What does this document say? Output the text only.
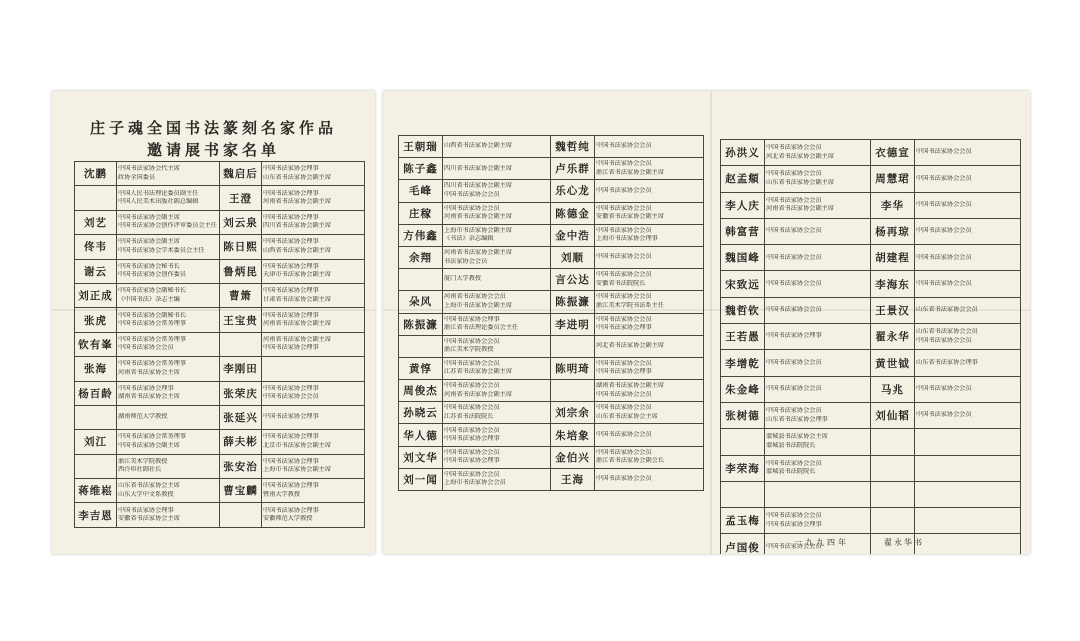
庄子魂全国书法篆刻名家作品
邀请展书家名单
沈鹏	中国书法家协会代主席
政协全国委员	魏启后	中国书法家协会理事
山东省书法家协会副主席

	中国人民书法理论委员副主任
中国人民美术出版社副总编辑	王澄	中国书法家协会理事
河南省书法家协会副主席

刘艺	中国书法家协会副主席
中国书法家协会创作评审委员会主任	刘云泉	中国书法家协会理事
四川省书法家协会副主席

佟韦	中国书法家协会副主席
中国书法家协会学术委员会主任	陈日熙	中国书法家协会理事
山西省书法家协会副主席

谢云	中国书法家协会秘书长
中国书法家协会创作委员	鲁炳昆	中国书法家协会理事
天津市书法家协会副主席

刘正成	中国书法家协会副秘书长
《中国书法》杂志主编	曹箫	中国书法家协会理事
甘肃省书法家协会副主席

张虎	中国书法家协会副秘书长
中国书法家协会常务理事	王宝贵	中国书法家协会理事
河南省书法家协会副主席

钦有峯	中国书法家协会常务理事
中国书法家协会会员		河南省书法家协会副主席
中国书法家协会理事

张海	中国书法家协会常务理事
河南省书法家协会主席	李刚田	

杨百龄	中国书法家协会理事
湖南省书法家协会主席	张荣庆	中国书法家协会理事
中国书法家协会会员

	湖南师范大学教授	张延兴	中国书法家协会理事

刘江	中国书法家协会常务理事
中国书法家协会副主席	薛夫彬	中国书法家协会理事
北京市书法家协会副主席

	浙江美术学院教授
西泠印社副社长	张安治	中国书法家协会理事
上海市书法家协会副主席

蒋维崧	山东省书法家协会主席
山东大学中文系教授	曹宝麟	中国书法家协会理事
暨南大学教授

李吉恩	中国书法家协会理事
安徽省书法家协会主席		中国书法家协会理事
安徽师范大学教授
王朝瑞	山西省书法家协会副主席	魏哲纯	中国书法家协会会员

陈子鑫	四川省书法家协会副主席	卢乐群	中国书法家协会会员
浙江省书法家协会副主席

毛峰	四川省书法家协会副主席
中国书法家协会会员	乐心龙	中国书法家协会会员

庄稼	中国书法家协会会员
河南省书法家协会副主席	陈德金	中国书法家协会会员
安徽省书法家协会副主席

方伟鑫	上海市书法家协会副主席
《书法》杂志编辑	金中浩	中国书法家协会会员
上海市书法家协会理事

余翔	河南省书法家协会副主席
书法家协会会员	刘顺	中国书法家协会会员

	厦门大学教授	言公达	中国书法家协会会员
安徽省书法院院长

朵风	河南省书法家协会会员
上海市书法家协会副主席	陈振濂	中国书法家协会会员
浙江美术学院书法系主任

陈振濂	中国书法家协会理事
浙江省书法理论委员会主任	李进明	中国书法家协会会员
中国书法家协会理事

	中国书法家协会会员
浙江美术学院教授		河北省书法家协会副主席

黄惇	中国书法家协会会员
江苏省书法家协会副主席	陈明琦	中国书法家协会会员
中国书法家协会理事

周俊杰	中国书法家协会会员
河南省书法家协会副主席		湖南省书法家协会副主席
中国书法家协会会员

孙晓云	中国书法家协会会员
江苏省书法院院长	刘宗余	中国书法家协会会员
山东省书法家协会主席

华人德	中国书法家协会会员
中国书法家协会理事	朱培象	中国书法家协会会员

刘文华	中国书法家协会会员
中国书法家协会理事	金伯兴	中国书法家协会会员
浙江省书法家协会副会长

刘一闻	中国书法家协会会员
上海市书法家协会会员	王海	中国书法家协会会员
孙洪义	中国书法家协会会员
河北省书法家协会副主席	衣德宣	中国书法家协会会员

赵孟頫	中国书法家协会会员
山东省书法家协会副主席	周慧珺	中国书法家协会会员

李人庆	中国书法家协会会员
河南省书法家协会副主席	李华	中国书法家协会会员

韩富营	中国书法家协会会员	杨再琼	中国书法家协会会员

魏国峰	中国书法家协会会员	胡建程	中国书法家协会会员

宋致远	中国书法家协会会员	李海东	中国书法家协会会员

魏哲钦	中国书法家协会会员	王景汉	山东省书法家协会会员

王若愚	中国书法家协会理事	翟永华	山东省书法家协会会员
中国书法家协会会员

李增乾	中国书法家协会会员	黄世钺	山东省书法家协会理事

朱金峰	中国书法家协会会员	马兆	中国书法家协会会员

张树德	中国书法家协会会员
山东省书法家协会理事	刘仙韬	中国书法家协会会员

	蒙城县书法家协会主席
蒙城县书法院院长		

李荣海	中国书法家协会会员
蒙城县书法院院长		

孟玉梅	中国书法家协会会员
中国书法家协会理事		

卢国俊	中国书法家协会会员		

一九九四年	翟永华书
